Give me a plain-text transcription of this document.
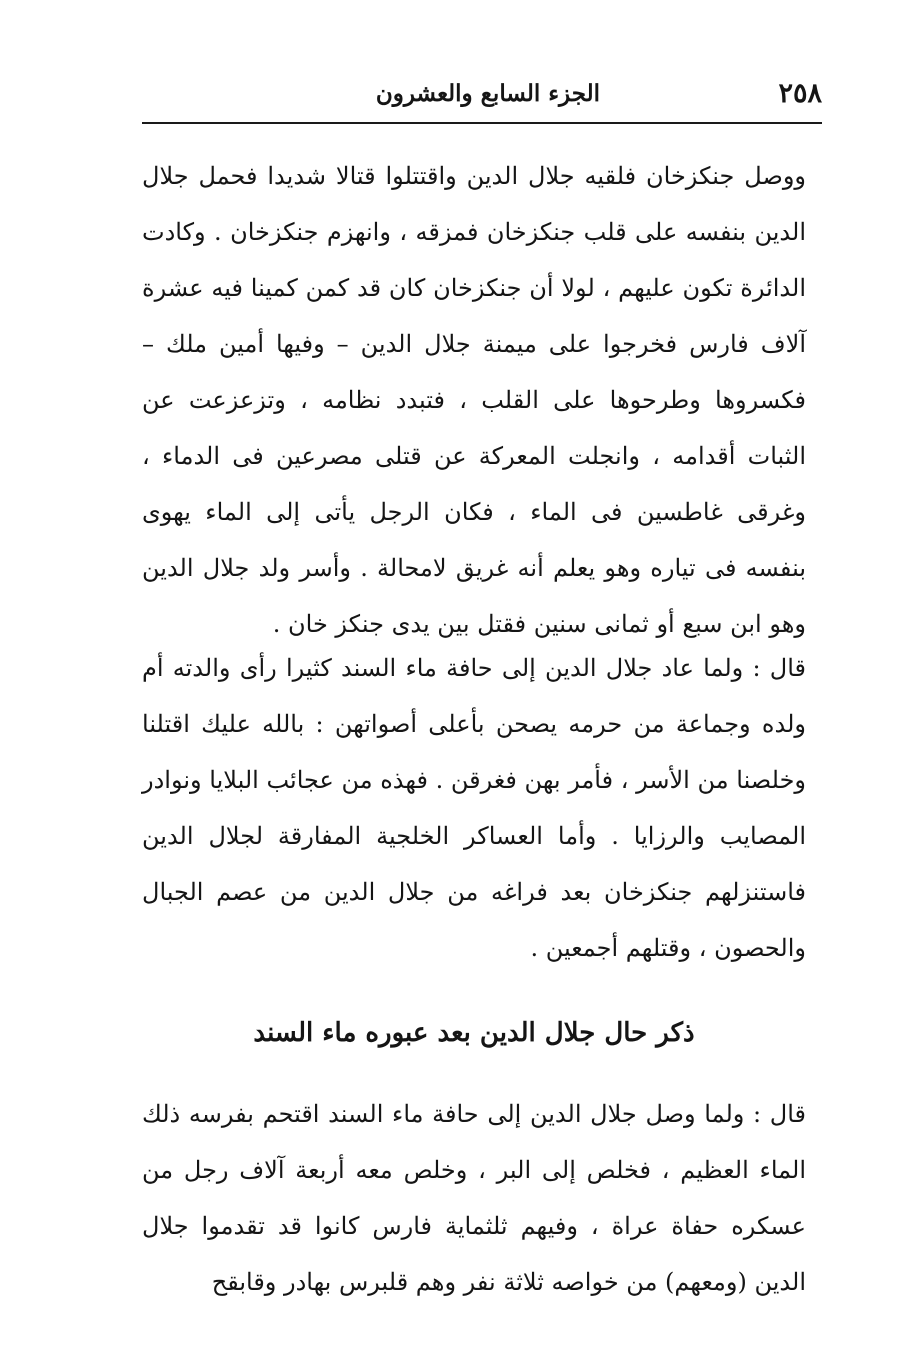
٢٥٨
الجزء السابع والعشرون

ووصل جنكزخان فلقيه جلال الدين واقتتلوا قتالا شديدا فحمل جلال الدين بنفسه على قلب جنكزخان فمزقه ، وانهزم جنكزخان . وكادت الدائرة تكون عليهم ، لولا أن جنكزخان كان قد كمن كمينا فيه عشرة آلاف فارس فخرجوا على ميمنة جلال الدين – وفيها أمين ملك – فكسروها وطرحوها على القلب ، فتبدد نظامه ، وتزعزعت عن الثبات أقدامه ، وانجلت المعركة عن قتلى مصرعين فى الدماء ، وغرقى غاطسين فى الماء ، فكان الرجل يأتى إلى الماء يهوى بنفسه فى تياره وهو يعلم أنه غريق لامحالة . وأسر ولد جلال الدين وهو ابن سبع أو ثمانى سنين فقتل بين يدى جنكز خان .

قال : ولما عاد جلال الدين إلى حافة ماء السند كثيرا رأى والدته أم ولده وجماعة من حرمه يصحن بأعلى أصواتهن : بالله عليك اقتلنا وخلصنا من الأسر ، فأمر بهن فغرقن . فهذه من عجائب البلايا ونوادر المصايب والرزايا . وأما العساكر الخلجية المفارقة لجلال الدين فاستنزلهم جنكزخان بعد فراغه من جلال الدين من عصم الجبال والحصون ، وقتلهم أجمعين .

ذكر حال جلال الدين بعد عبوره ماء السند

قال : ولما وصل جلال الدين إلى حافة ماء السند اقتحم بفرسه ذلك الماء العظيم ، فخلص إلى البر ، وخلص معه أربعة آلاف رجل من عسكره حفاة عراة ، وفيهم ثلثماية فارس كانوا قد تقدموا جلال الدين (ومعهم) من خواصه ثلاثة نفر وهم قلبرس بهادر وقابقح
